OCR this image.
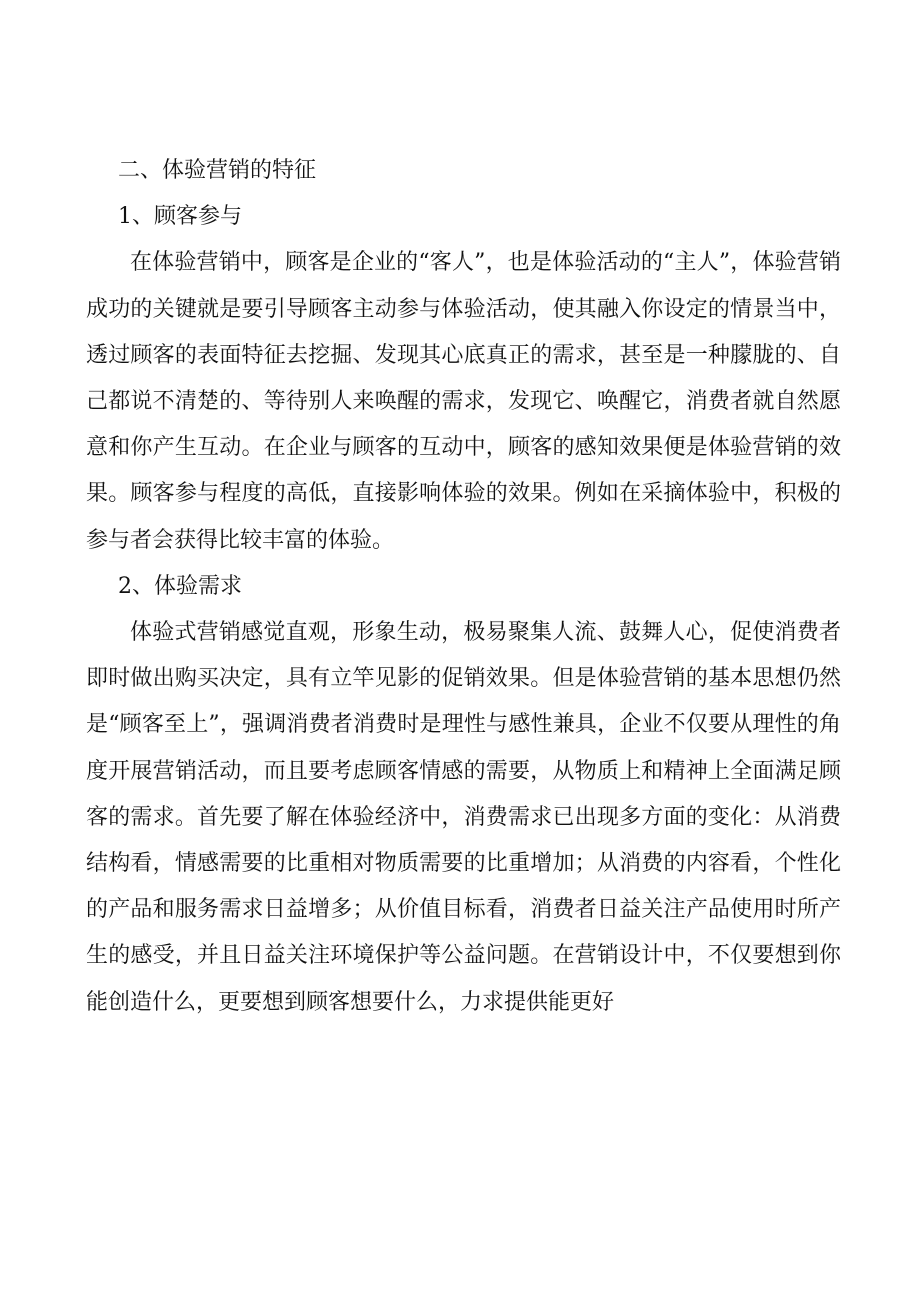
二、体验营销的特征

1、顾客参与

在体验营销中，顾客是企业的“客人”，也是体验活动的“主人”，体验营销成功的关键就是要引导顾客主动参与体验活动，使其融入你设定的情景当中，透过顾客的表面特征去挖掘、发现其心底真正的需求，甚至是一种朦胧的、自己都说不清楚的、等待别人来唤醒的需求，发现它、唤醒它，消费者就自然愿意和你产生互动。在企业与顾客的互动中，顾客的感知效果便是体验营销的效果。顾客参与程度的高低，直接影响体验的效果。例如在采摘体验中，积极的参与者会获得比较丰富的体验。

2、体验需求

体验式营销感觉直观，形象生动，极易聚集人流、鼓舞人心，促使消费者即时做出购买决定，具有立竿见影的促销效果。但是体验营销的基本思想仍然是“顾客至上”，强调消费者消费时是理性与感性兼具，企业不仅要从理性的角度开展营销活动，而且要考虑顾客情感的需要，从物质上和精神上全面满足顾客的需求。首先要了解在体验经济中，消费需求已出现多方面的变化：从消费结构看，情感需要的比重相对物质需要的比重增加；从消费的内容看，个性化的产品和服务需求日益增多；从价值目标看，消费者日益关注产品使用时所产生的感受，并且日益关注环境保护等公益问题。在营销设计中，不仅要想到你能创造什么，更要想到顾客想要什么，力求提供能更好
